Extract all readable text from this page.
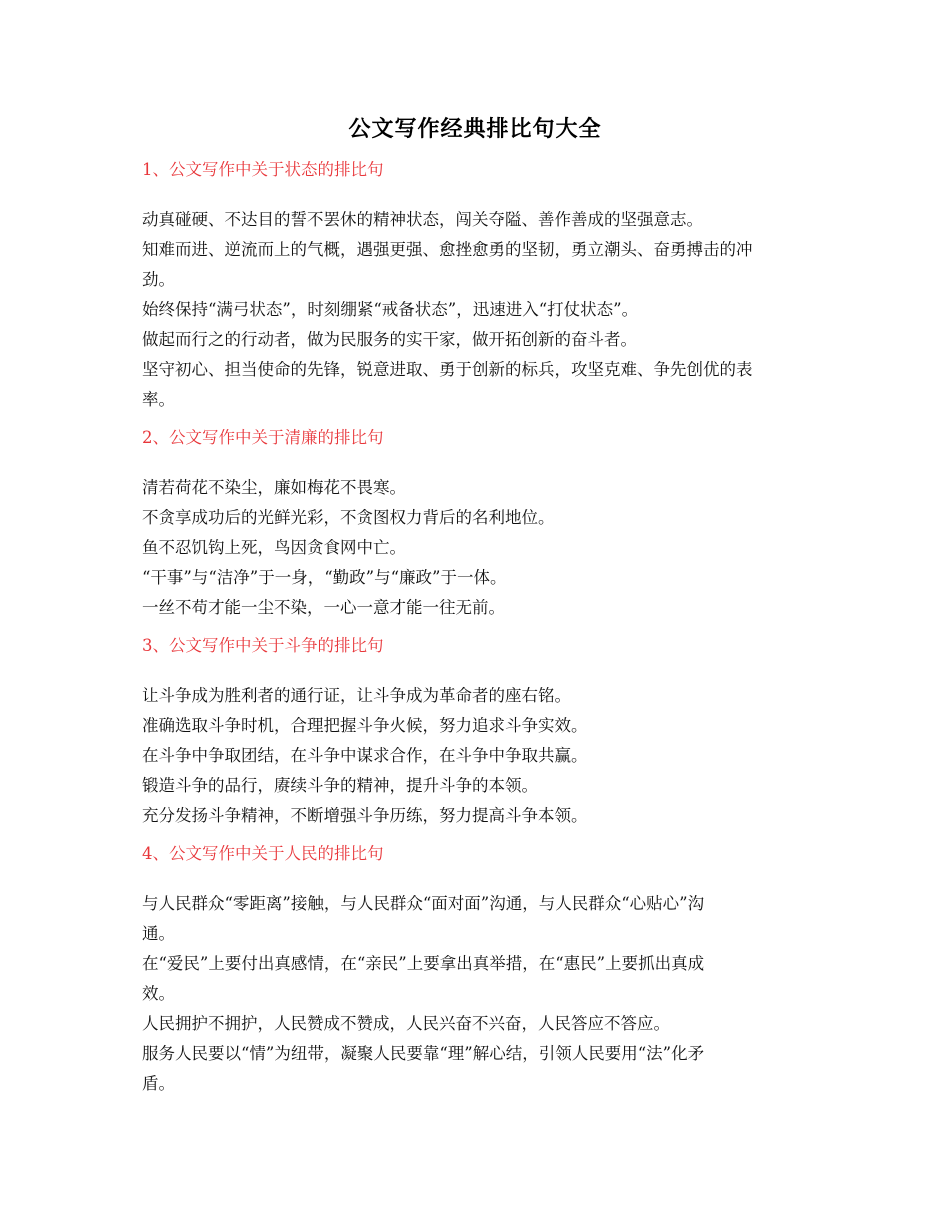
公文写作经典排比句大全

1、公文写作中关于状态的排比句

动真碰硬、不达目的誓不罢休的精神状态，闯关夺隘、善作善成的坚强意志。

知难而进、逆流而上的气概，遇强更强、愈挫愈勇的坚韧，勇立潮头、奋勇搏击的冲

劲。

始终保持“满弓状态”，时刻绷紧“戒备状态”，迅速进入“打仗状态”。

做起而行之的行动者，做为民服务的实干家，做开拓创新的奋斗者。

坚守初心、担当使命的先锋，锐意进取、勇于创新的标兵，攻坚克难、争先创优的表

率。

2、公文写作中关于清廉的排比句

清若荷花不染尘，廉如梅花不畏寒。

不贪享成功后的光鲜光彩，不贪图权力背后的名利地位。

鱼不忍饥钩上死，鸟因贪食网中亡。

“干事”与“洁净”于一身，“勤政”与“廉政”于一体。

一丝不苟才能一尘不染，一心一意才能一往无前。

3、公文写作中关于斗争的排比句

让斗争成为胜利者的通行证，让斗争成为革命者的座右铭。

准确选取斗争时机，合理把握斗争火候，努力追求斗争实效。

在斗争中争取团结，在斗争中谋求合作，在斗争中争取共赢。

锻造斗争的品行，赓续斗争的精神，提升斗争的本领。

充分发扬斗争精神，不断增强斗争历练，努力提高斗争本领。

4、公文写作中关于人民的排比句

与人民群众“零距离”接触，与人民群众“面对面”沟通，与人民群众“心贴心”沟

通。

在“爱民”上要付出真感情，在“亲民”上要拿出真举措，在“惠民”上要抓出真成

效。

人民拥护不拥护，人民赞成不赞成，人民兴奋不兴奋，人民答应不答应。

服务人民要以“情”为纽带，凝聚人民要靠“理”解心结，引领人民要用“法”化矛

盾。
